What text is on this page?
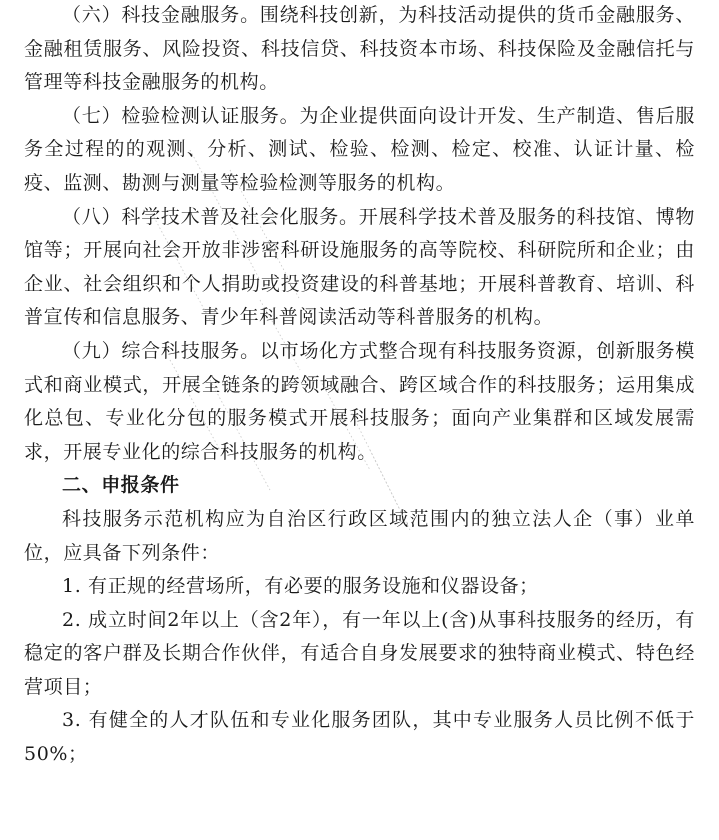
（六）科技金融服务。围绕科技创新，为科技活动提供的货币金融服务、金融租赁服务、风险投资、科技信贷、科技资本市场、科技保险及金融信托与管理等科技金融服务的机构。

（七）检验检测认证服务。为企业提供面向设计开发、生产制造、售后服务全过程的的观测、分析、测试、检验、检测、检定、校准、认证计量、检疫、监测、勘测与测量等检验检测等服务的机构。

（八）科学技术普及社会化服务。开展科学技术普及服务的科技馆、博物馆等；开展向社会开放非涉密科研设施服务的高等院校、科研院所和企业；由企业、社会组织和个人捐助或投资建设的科普基地；开展科普教育、培训、科普宣传和信息服务、青少年科普阅读活动等科普服务的机构。

（九）综合科技服务。以市场化方式整合现有科技服务资源，创新服务模式和商业模式，开展全链条的跨领域融合、跨区域合作的科技服务；运用集成化总包、专业化分包的服务模式开展科技服务；面向产业集群和区域发展需求，开展专业化的综合科技服务的机构。

二、申报条件

科技服务示范机构应为自治区行政区域范围内的独立法人企（事）业单位，应具备下列条件：

1. 有正规的经营场所，有必要的服务设施和仪器设备；

2. 成立时间2年以上（含2年），有一年以上(含)从事科技服务的经历，有稳定的客户群及长期合作伙伴，有适合自身发展要求的独特商业模式、特色经营项目；

3. 有健全的人才队伍和专业化服务团队，其中专业服务人员比例不低于50%；
